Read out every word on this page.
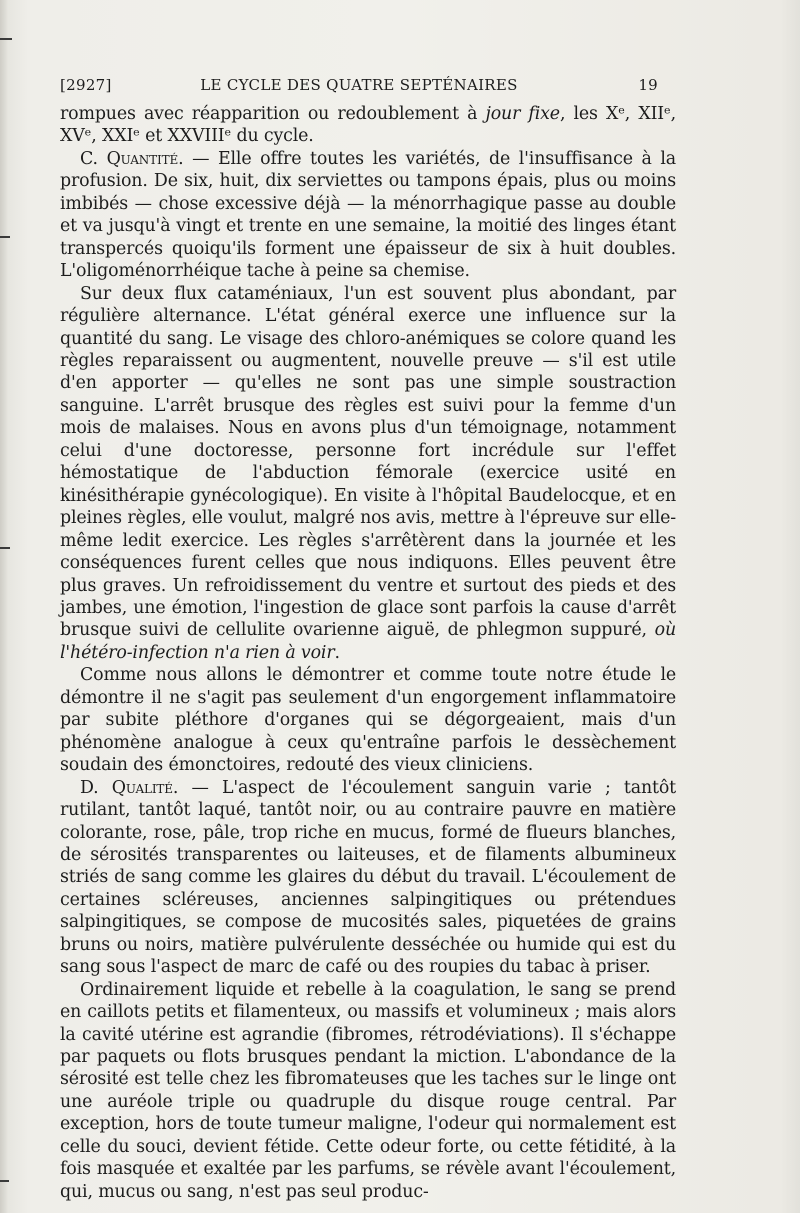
[2927]	LE CYCLE DES QUATRE SEPTÉNAIRES	19

rompues avec réapparition ou redoublement à jour fixe, les Xᵉ, XIIᵉ, XVᵉ, XXIᵉ et XXVIIIᵉ du cycle.

C. Quantité. — Elle offre toutes les variétés, de l'insuffisance à la profusion. De six, huit, dix serviettes ou tampons épais, plus ou moins imbibés — chose excessive déjà — la ménorrhagique passe au double et va jusqu'à vingt et trente en une semaine, la moitié des linges étant transpercés quoiqu'ils forment une épaisseur de six à huit doubles. L'oligoménorrhéique tache à peine sa chemise.

Sur deux flux cataméniaux, l'un est souvent plus abondant, par régulière alternance. L'état général exerce une influence sur la quantité du sang. Le visage des chloro-anémiques se colore quand les règles reparaissent ou augmentent, nouvelle preuve — s'il est utile d'en apporter — qu'elles ne sont pas une simple soustraction sanguine. L'arrêt brusque des règles est suivi pour la femme d'un mois de malaises. Nous en avons plus d'un témoignage, notamment celui d'une doctoresse, personne fort incrédule sur l'effet hémostatique de l'abduction fémorale (exercice usité en kinésithérapie gynécologique). En visite à l'hôpital Baudelocque, et en pleines règles, elle voulut, malgré nos avis, mettre à l'épreuve sur elle-même ledit exercice. Les règles s'arrêtèrent dans la journée et les conséquences furent celles que nous indiquons. Elles peuvent être plus graves. Un refroidissement du ventre et surtout des pieds et des jambes, une émotion, l'ingestion de glace sont parfois la cause d'arrêt brusque suivi de cellulite ovarienne aiguë, de phlegmon suppuré, où l'hétéro-infection n'a rien à voir.

Comme nous allons le démontrer et comme toute notre étude le démontre il ne s'agit pas seulement d'un engorgement inflammatoire par subite pléthore d'organes qui se dégorgeaient, mais d'un phénomène analogue à ceux qu'entraîne parfois le dessèchement soudain des émonctoires, redouté des vieux cliniciens.

D. Qualité. — L'aspect de l'écoulement sanguin varie ; tantôt rutilant, tantôt laqué, tantôt noir, ou au contraire pauvre en matière colorante, rose, pâle, trop riche en mucus, formé de flueurs blanches, de sérosités transparentes ou laiteuses, et de filaments albumineux striés de sang comme les glaires du début du travail. L'écoulement de certaines scléreuses, anciennes salpingitiques ou prétendues salpingitiques, se compose de mucosités sales, piquetées de grains bruns ou noirs, matière pulvérulente desséchée ou humide qui est du sang sous l'aspect de marc de café ou des roupies du tabac à priser.

Ordinairement liquide et rebelle à la coagulation, le sang se prend en caillots petits et filamenteux, ou massifs et volumineux ; mais alors la cavité utérine est agrandie (fibromes, rétrodéviations). Il s'échappe par paquets ou flots brusques pendant la miction. L'abondance de la sérosité est telle chez les fibromateuses que les taches sur le linge ont une auréole triple ou quadruple du disque rouge central. Par exception, hors de toute tumeur maligne, l'odeur qui normalement est celle du souci, devient fétide. Cette odeur forte, ou cette fétidité, à la fois masquée et exaltée par les parfums, se révèle avant l'écoulement, qui, mucus ou sang, n'est pas seul produc-
